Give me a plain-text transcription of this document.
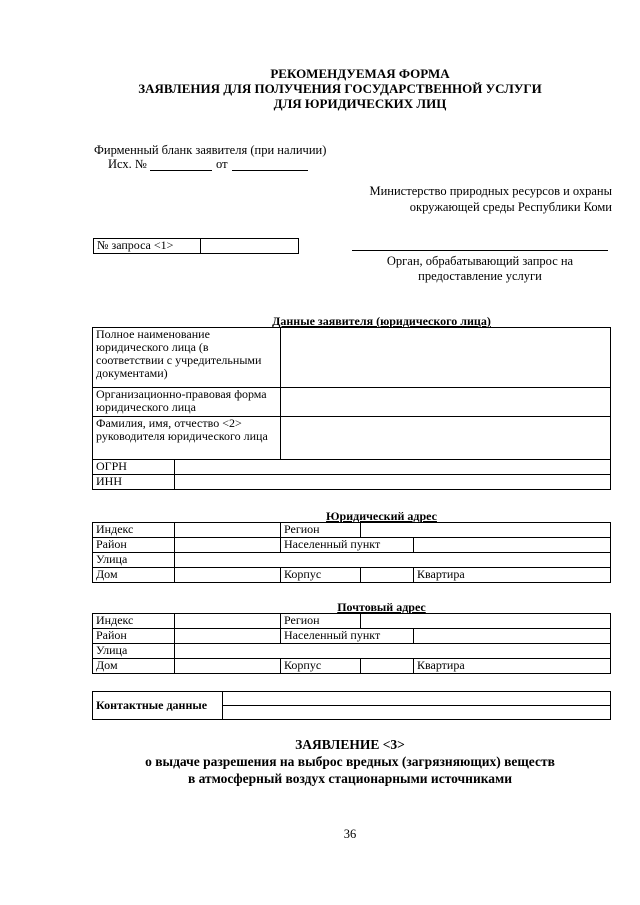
РЕКОМЕНДУЕМАЯ ФОРМА
ЗАЯВЛЕНИЯ ДЛЯ ПОЛУЧЕНИЯ ГОСУДАРСТВЕННОЙ УСЛУГИ
ДЛЯ ЮРИДИЧЕСКИХ ЛИЦ
Фирменный бланк заявителя (при наличии)
Исх. №	от
Министерство природных ресурсов и охраны
окружающей среды Республики Коми
№ запроса <1>	
Орган, обрабатывающий запрос на
предоставление услуги
Данные заявителя (юридического лица)
Полное наименование юридического лица (в соответствии с учредительными документами)		
Организационно-правовая форма юридического лица		
Фамилия, имя, отчество <2> руководителя юридического лица		
ОГРН		
ИНН		
Юридический адрес
Индекс		Регион		
Район		Населенный пункт		
Улица				
Дом		Корпус		Квартира
Почтовый адрес
Индекс		Регион		
Район		Населенный пункт		
Улица				
Дом		Корпус		Квартира
Контактные данные	

ЗАЯВЛЕНИЕ <3>
о выдаче разрешения на выброс вредных (загрязняющих) веществ
в атмосферный воздух стационарными источниками
36
